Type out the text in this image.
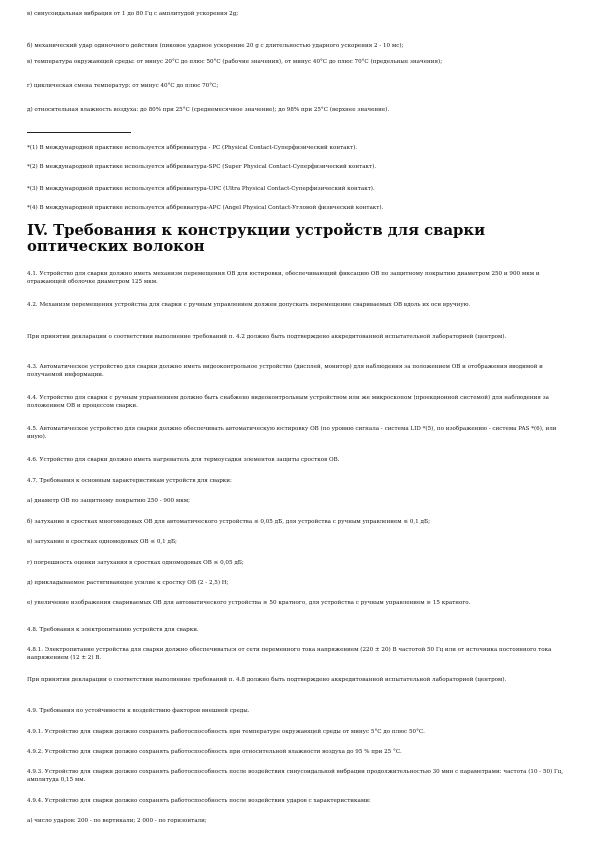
в) синусоидальная вибрация от 1 до 80 Гц с амплитудой ускорения 2g;

б) механический удар одиночного действия (пиковое ударное ускорение 20 g с длительностью ударного ускорения 2 - 10 мс);

в) температура окружающей среды: от минус 20°С до плюс 50°С (рабочие значения), от минус 40°С до плюс 70°С (предельные значения);

г) циклическая смена температур: от минус 40°С до плюс 70°С;

д) относительная влажность воздуха: до 80% при 25°С (среднемесячное значение); до 98% при 25°С (верхнее значение).

*(1) В международной практике используется аббревиатура - PC (Physical Contact-Суперфизический контакт).

*(2) В международной практике используется аббревиатура-SPC (Super Physical Contact-Суперфизический контакт).

*(3) В международной практике используется аббревиатура-UPC (Ultra Physical Contact-Суперфизический контакт).

*(4) В международной практике используется аббревиатура-APC (Angel Physical Contact-Угловой физический контакт).

IV. Требования к конструкции устройств для сварки
оптических волокон

4.1. Устройство для сварки должно иметь механизм перемещения ОВ для юстировки, обеспечивающий фиксацию ОВ по защитному покрытию диаметром 250 и 900 мкм и отражающей оболочке диаметром 125 мкм.

4.2. Механизм перемещения устройства для сварки с ручным управлением должен допускать перемещение свариваемых ОВ вдоль их оси вручную.

При принятии декларации о соответствии выполнение требований п. 4.2 должно быть подтверждено аккредитованной испытательной лабораторией (центром).

4.3. Автоматическое устройство для сварки должно иметь видеоконтрольное устройство (дисплей, монитор) для наблюдения за положением ОВ и отображения вводимой и получаемой информации.

4.4. Устройство для сварки с ручным управлением должно быть снабжено видеоконтрольным устройством или же микроскопом (проекционной системой) для наблюдения за положением ОВ и процессом сварки.

4.5. Автоматическое устройство для сварки должно обеспечивать автоматическую юстировку ОВ (по уровню сигнала - система LID *(5), по изображению - система PAS *(6), или иную).

4.6. Устройство для сварки должно иметь нагреватель для термоусадки элементов защиты сростков ОВ.

4.7. Требования к основным характеристикам устройств для сварки:

а) диаметр ОВ по защитному покрытию 250 - 900 мкм;

б) затухание в сростках многомодовых ОВ для автоматического устройства ≤ 0,05 дБ, для устройства с ручным управлением ≤ 0,1 дБ;

в) затухание в сростках одномодовых ОВ ≤ 0,1 дБ;

г) погрешность оценки затухания в сростках одномодовых ОВ ≤ 0,05 дБ;

д) прикладываемое растягивающее усилие к сростку ОВ (2 - 2,5) Н;

е) увеличение изображения свариваемых ОВ для автоматического устройства ≥ 50 кратного, для устройства с ручным управлением ≥ 15 кратного.

4.8. Требования к электропитанию устройств для сварки.

4.8.1. Электропитание устройства для сварки должно обеспечиваться от сети переменного тока напряжением (220 ± 20) В частотой 50 Гц или от источника постоянного тока напряжением (12 ± 2) В.

При принятии декларации о соответствии выполнение требований п. 4.8 должно быть подтверждено аккредитованной испытательной лабораторией (центром).

4.9. Требования по устойчивости к воздействию факторов внешней среды.

4.9.1. Устройство для сварки должно сохранять работоспособность при температуре окружающей среды от минус 5°С до плюс 50°С.

4.9.2. Устройство для сварки должно сохранять работоспособность при относительной влажности воздуха до 95 % при 25 °С.

4.9.3. Устройство для сварки должно сохранять работоспособность после воздействия синусоидальной вибрации продолжительностью 30 мин с параметрами: частота (10 - 50) Гц, амплитуда 0,15 мм.

4.9.4. Устройство для сварки должно сохранять работоспособность после воздействия ударов с характеристиками:

а) число ударов: 200 - по вертикали; 2 000 - по горизонтали;
